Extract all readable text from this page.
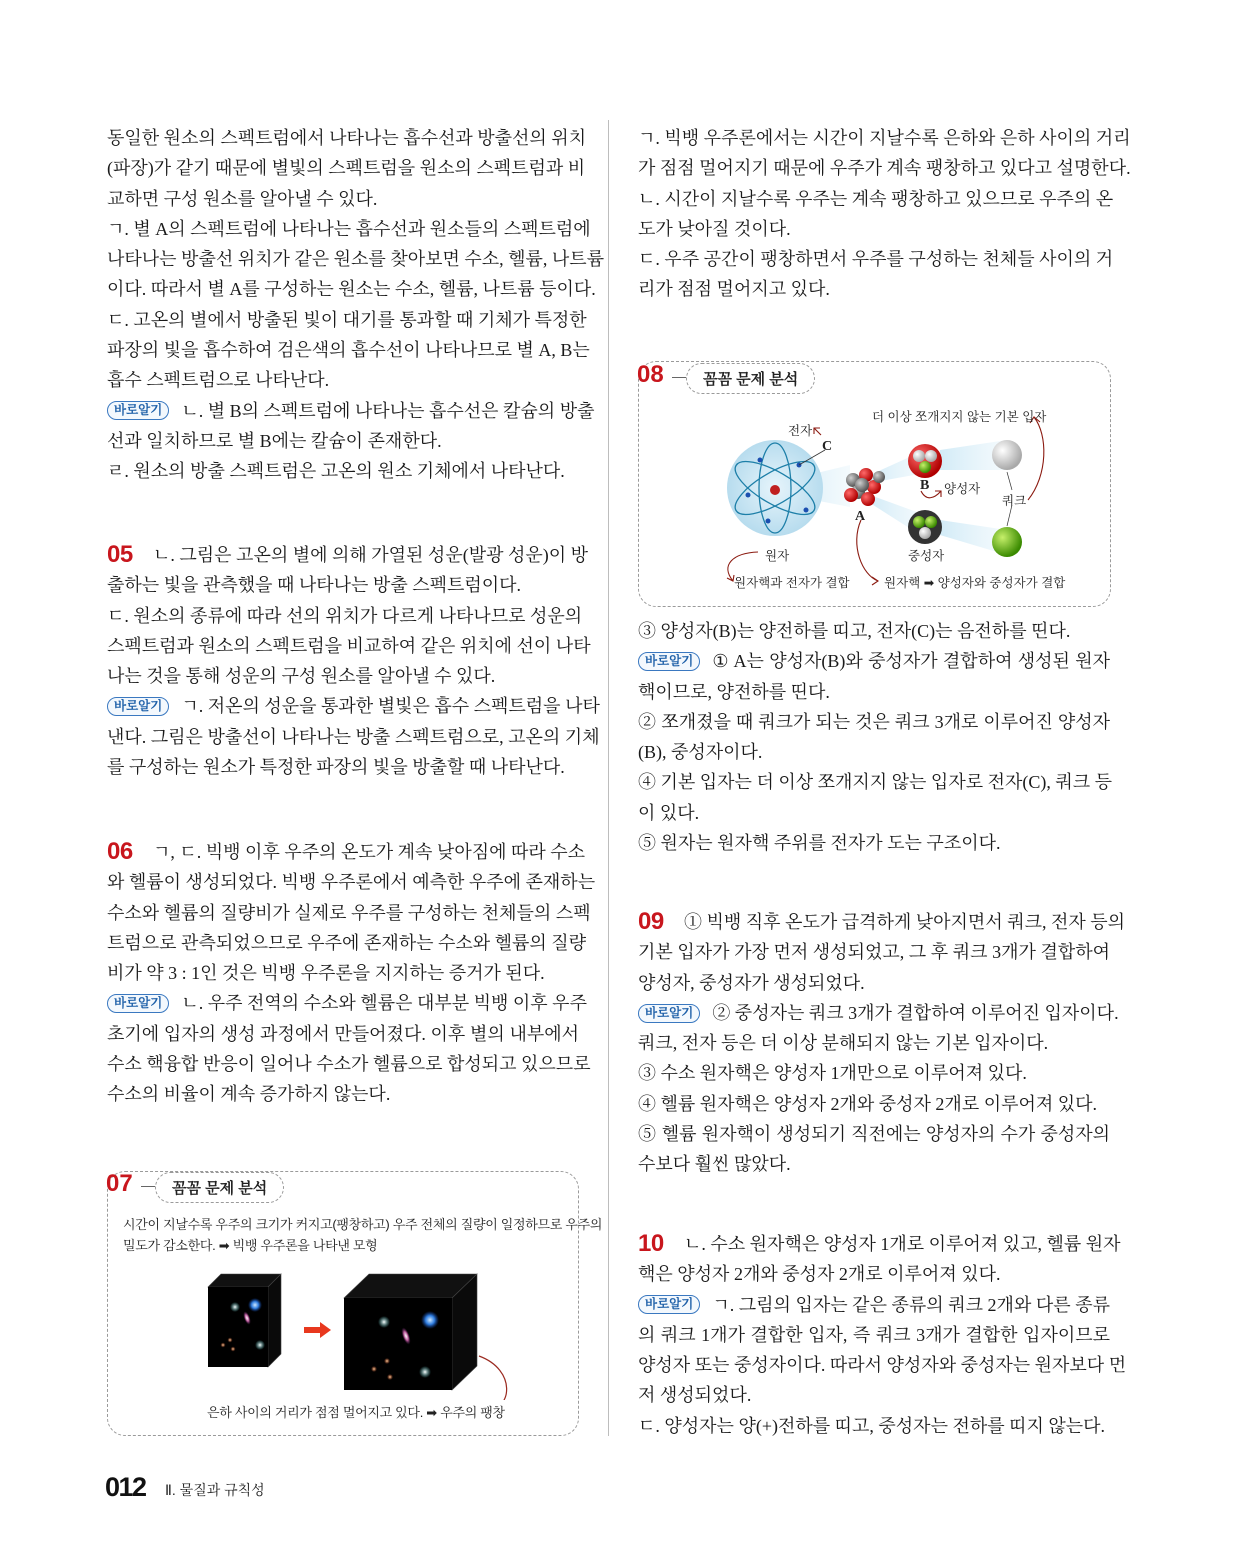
동일한 원소의 스펙트럼에서 나타나는 흡수선과 방출선의 위치
(파장)가 같기 때문에 별빛의 스펙트럼을 원소의 스펙트럼과 비
교하면 구성 원소를 알아낼 수 있다.
ㄱ. 별 A의 스펙트럼에 나타나는 흡수선과 원소들의 스펙트럼에
나타나는 방출선 위치가 같은 원소를 찾아보면 수소, 헬륨, 나트륨
이다. 따라서 별 A를 구성하는 원소는 수소, 헬륨, 나트륨 등이다.
ㄷ. 고온의 별에서 방출된 빛이 대기를 통과할 때 기체가 특정한
파장의 빛을 흡수하여 검은색의 흡수선이 나타나므로 별 A, B는
흡수 스펙트럼으로 나타난다.
바로알기	ㄴ. 별 B의 스펙트럼에 나타나는 흡수선은 칼슘의 방출
선과 일치하므로 별 B에는 칼슘이 존재한다.
ㄹ. 원소의 방출 스펙트럼은 고온의 원소 기체에서 나타난다.
05	ㄴ. 그림은 고온의 별에 의해 가열된 성운(발광 성운)이 방
출하는 빛을 관측했을 때 나타나는 방출 스펙트럼이다.
ㄷ. 원소의 종류에 따라 선의 위치가 다르게 나타나므로 성운의
스펙트럼과 원소의 스펙트럼을 비교하여 같은 위치에 선이 나타
나는 것을 통해 성운의 구성 원소를 알아낼 수 있다.
바로알기	ㄱ. 저온의 성운을 통과한 별빛은 흡수 스펙트럼을 나타
낸다. 그림은 방출선이 나타나는 방출 스펙트럼으로, 고온의 기체
를 구성하는 원소가 특정한 파장의 빛을 방출할 때 나타난다.
06	ㄱ, ㄷ. 빅뱅 이후 우주의 온도가 계속 낮아짐에 따라 수소
와 헬륨이 생성되었다. 빅뱅 우주론에서 예측한 우주에 존재하는
수소와 헬륨의 질량비가 실제로 우주를 구성하는 천체들의 스펙
트럼으로 관측되었으므로 우주에 존재하는 수소와 헬륨의 질량
비가 약 3 : 1인 것은 빅뱅 우주론을 지지하는 증거가 된다.
바로알기	ㄴ. 우주 전역의 수소와 헬륨은 대부분 빅뱅 이후 우주
초기에 입자의 생성 과정에서 만들어졌다. 이후 별의 내부에서
수소 핵융합 반응이 일어나 수소가 헬륨으로 합성되고 있으므로
수소의 비율이 계속 증가하지 않는다.
ㄱ. 빅뱅 우주론에서는 시간이 지날수록 은하와 은하 사이의 거리
가 점점 멀어지기 때문에 우주가 계속 팽창하고 있다고 설명한다.
ㄴ. 시간이 지날수록 우주는 계속 팽창하고 있으므로 우주의 온
도가 낮아질 것이다.
ㄷ. 우주 공간이 팽창하면서 우주를 구성하는 천체들 사이의 거
리가 점점 멀어지고 있다.
③ 양성자(B)는 양전하를 띠고, 전자(C)는 음전하를 띤다.
바로알기	① A는 양성자(B)와 중성자가 결합하여 생성된 원자
핵이므로, 양전하를 띤다.
② 쪼개졌을 때 쿼크가 되는 것은 쿼크 3개로 이루어진 양성자
(B), 중성자이다.
④ 기본 입자는 더 이상 쪼개지지 않는 입자로 전자(C), 쿼크 등
이 있다.
⑤ 원자는 원자핵 주위를 전자가 도는 구조이다.
09	① 빅뱅 직후 온도가 급격하게 낮아지면서 쿼크, 전자 등의
기본 입자가 가장 먼저 생성되었고, 그 후 쿼크 3개가 결합하여
양성자, 중성자가 생성되었다.
바로알기	② 중성자는 쿼크 3개가 결합하여 이루어진 입자이다.
쿼크, 전자 등은 더 이상 분해되지 않는 기본 입자이다.
③ 수소 원자핵은 양성자 1개만으로 이루어져 있다.
④ 헬륨 원자핵은 양성자 2개와 중성자 2개로 이루어져 있다.
⑤ 헬륨 원자핵이 생성되기 직전에는 양성자의 수가 중성자의
수보다 훨씬 많았다.
10	ㄴ. 수소 원자핵은 양성자 1개로 이루어져 있고, 헬륨 원자
핵은 양성자 2개와 중성자 2개로 이루어져 있다.
바로알기	ㄱ. 그림의 입자는 같은 종류의 쿼크 2개와 다른 종류
의 쿼크 1개가 결합한 입자, 즉 쿼크 3개가 결합한 입자이므로
양성자 또는 중성자이다. 따라서 양성자와 중성자는 원자보다 먼
저 생성되었다.
ㄷ. 양성자는 양(+)전하를 띠고, 중성자는 전하를 띠지 않는다.
07	꼼꼼 문제 분석
시간이 지날수록 우주의 크기가 커지고(팽창하고) 우주 전체의 질량이 일정하므로 우주의
밀도가 감소한다. ➡ 빅뱅 우주론을 나타낸 모형
은하 사이의 거리가 점점 멀어지고 있다. ➡ 우주의 팽창
08	꼼꼼 문제 분석
전자
C
더 이상 쪼개지지 않는 기본 입자
B 양성자
쿼크
A
원자	중성자
원자핵과 전자가 결합	원자핵 ➡ 양성자와 중성자가 결합
012 Ⅱ. 물질과 규칙성
